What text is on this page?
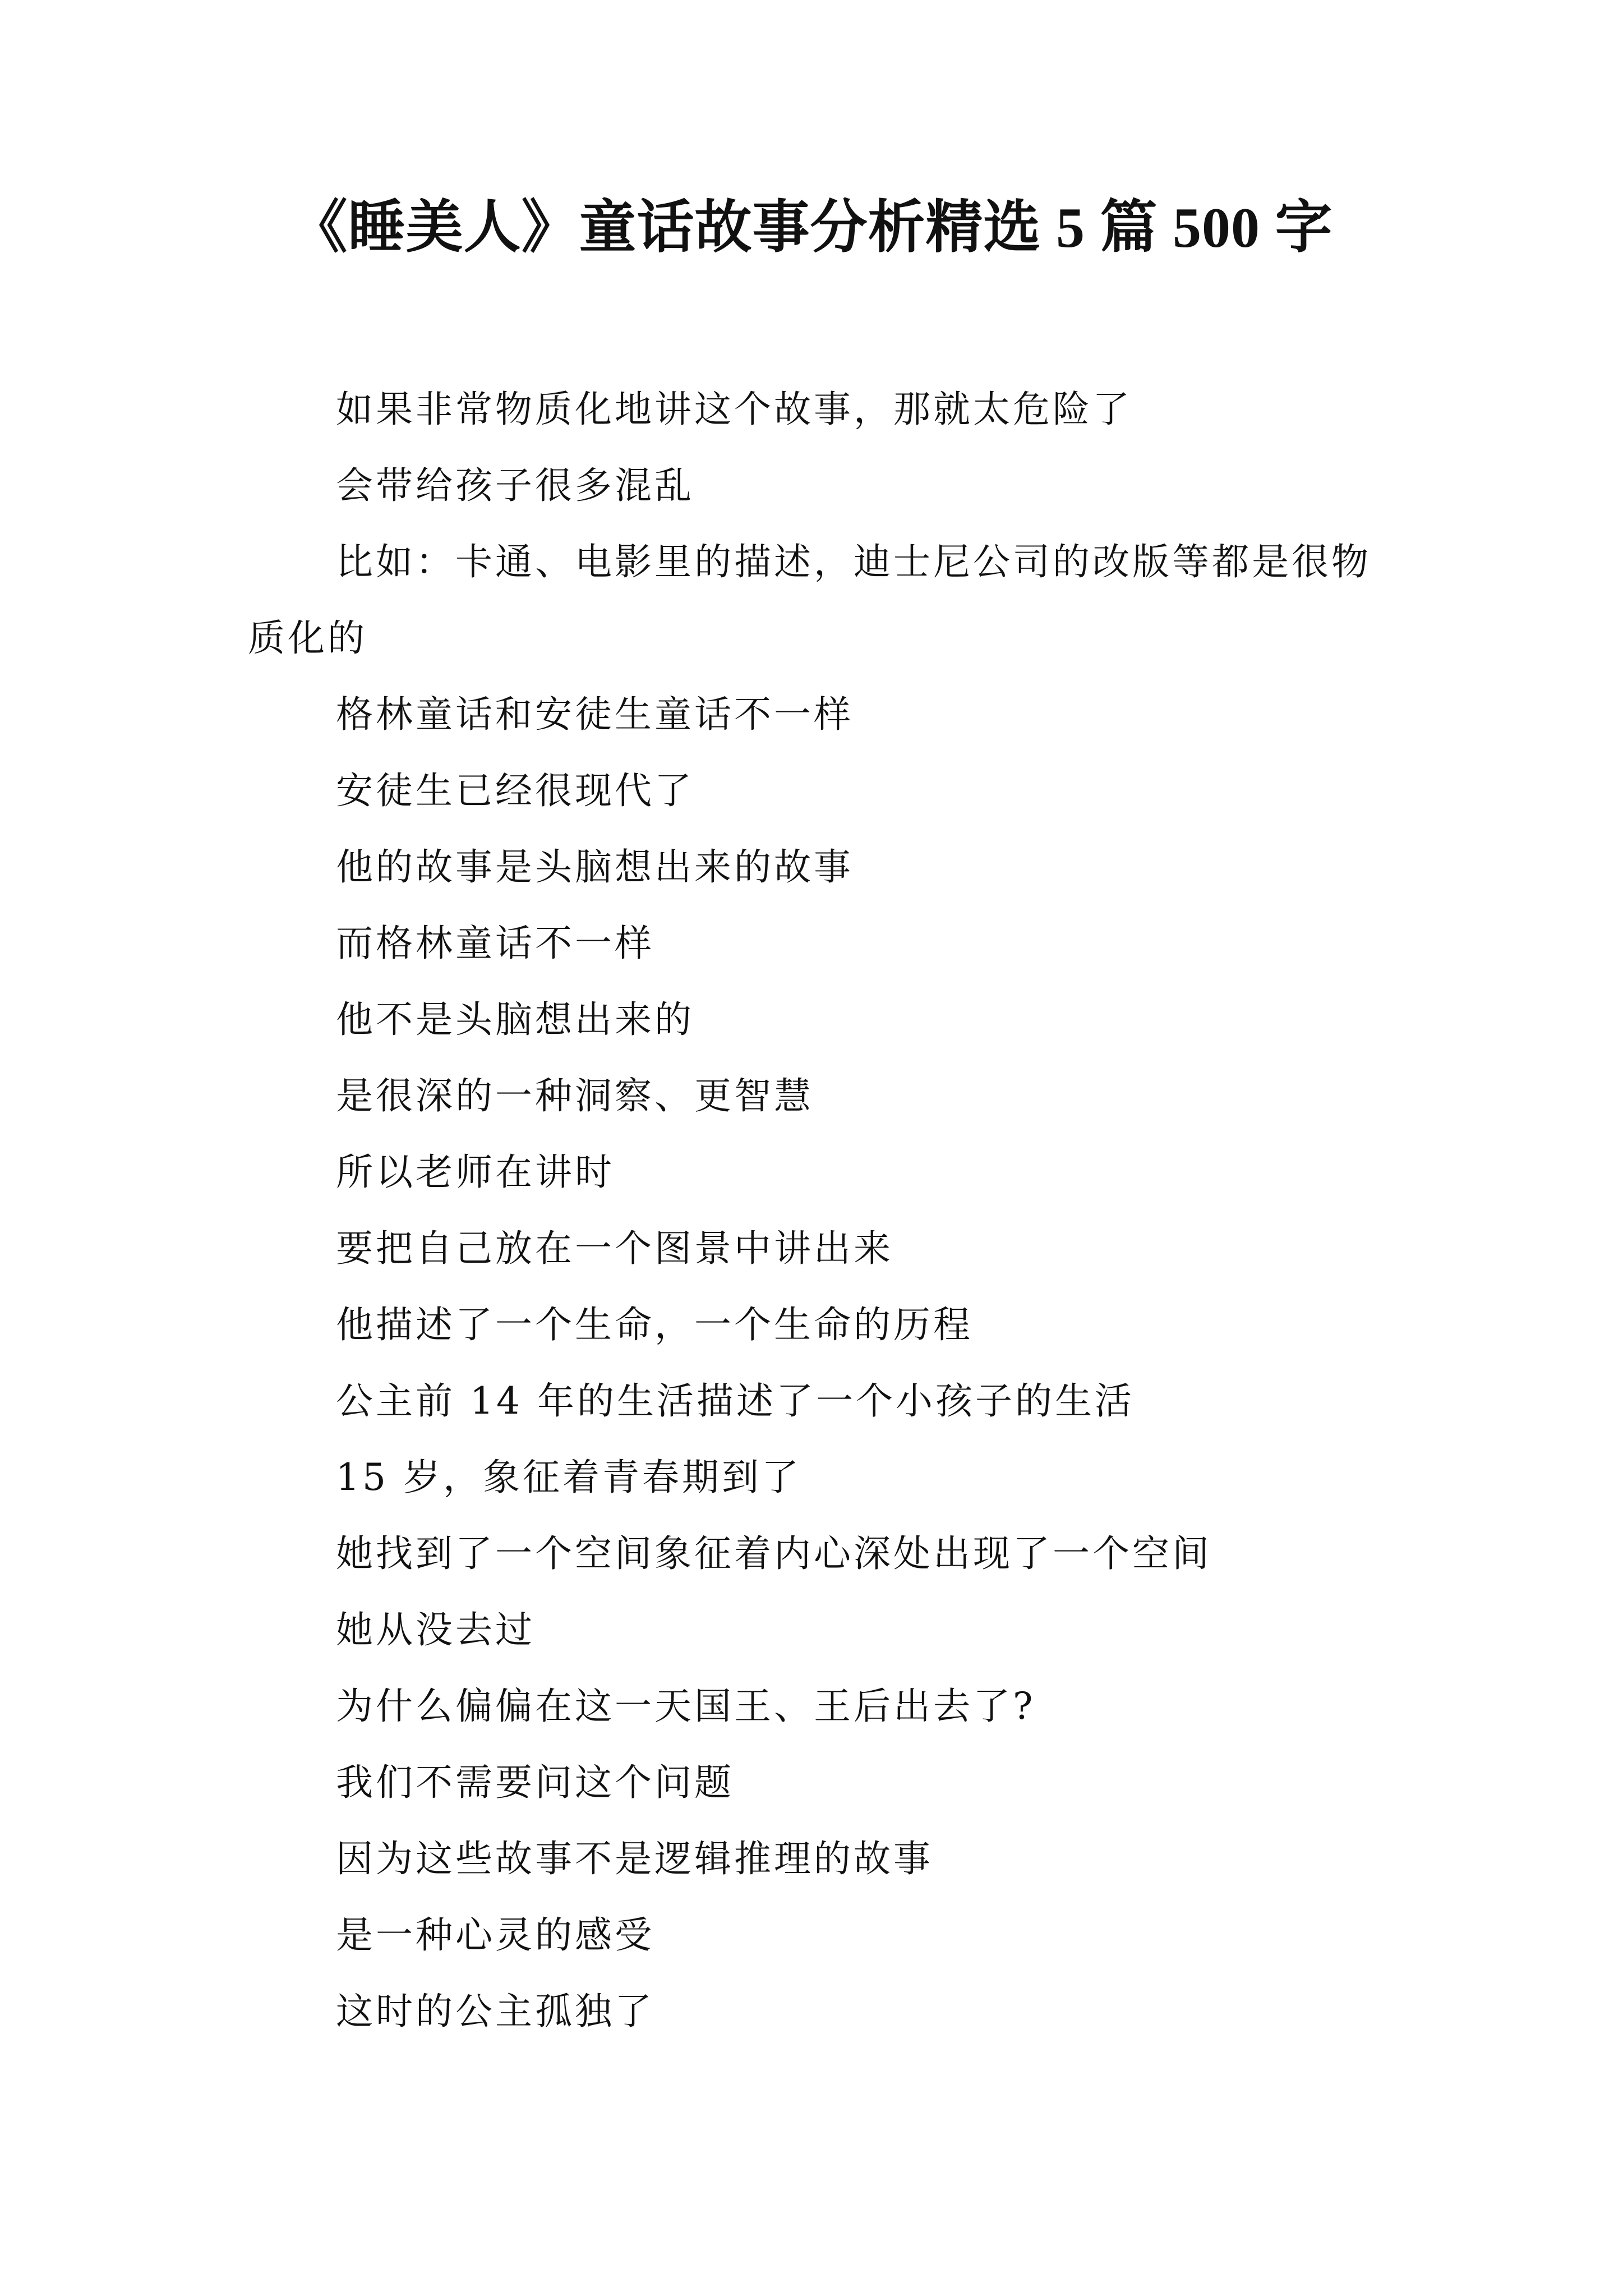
《睡美人》童话故事分析精选 5 篇 500 字

如果非常物质化地讲这个故事，那就太危险了

会带给孩子很多混乱

比如：卡通、电影里的描述，迪士尼公司的改版等都是很物质化的

格林童话和安徒生童话不一样

安徒生已经很现代了

他的故事是头脑想出来的故事

而格林童话不一样

他不是头脑想出来的

是很深的一种洞察、更智慧

所以老师在讲时

要把自己放在一个图景中讲出来

他描述了一个生命，一个生命的历程

公主前 14 年的生活描述了一个小孩子的生活

15 岁，象征着青春期到了

她找到了一个空间象征着内心深处出现了一个空间

她从没去过

为什么偏偏在这一天国王、王后出去了?

我们不需要问这个问题

因为这些故事不是逻辑推理的故事

是一种心灵的感受

这时的公主孤独了
